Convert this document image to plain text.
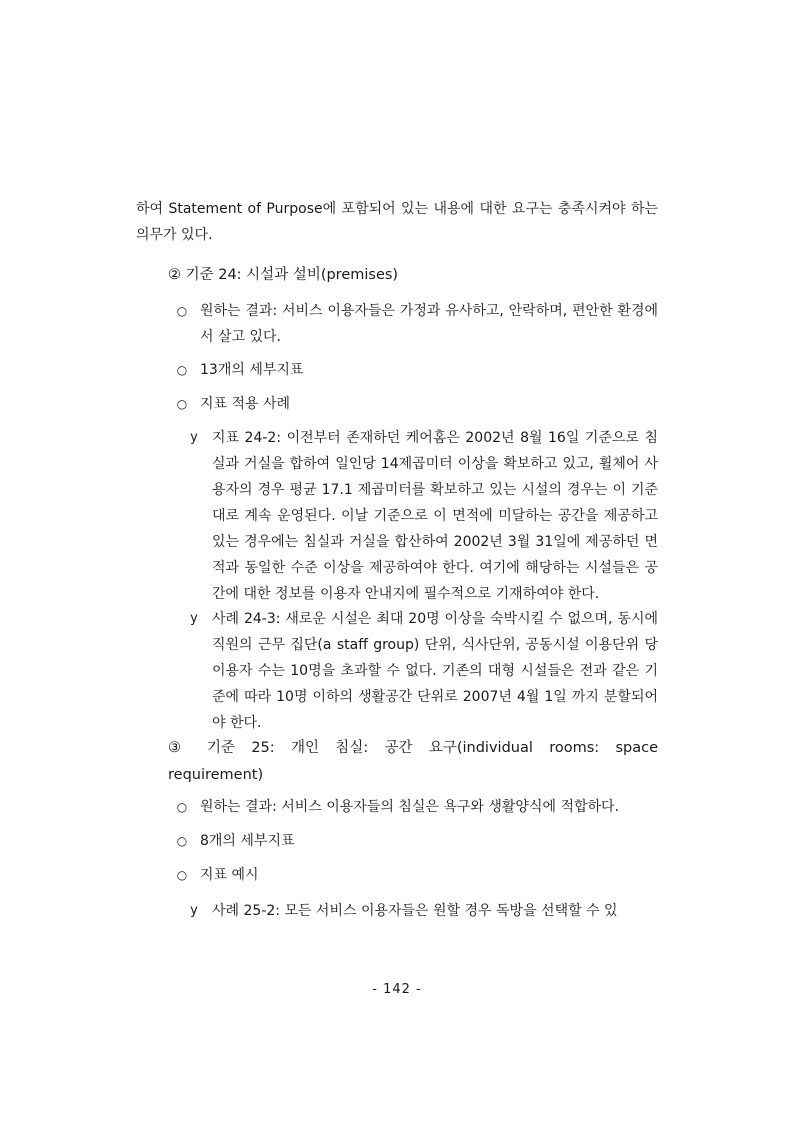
하여 Statement of Purpose에 포함되어 있는 내용에 대한 요구는 충족시켜야 하는 의무가 있다.

② 기준 24: 시설과 설비(premises)

○ 원하는 결과: 서비스 이용자들은 가정과 유사하고, 안락하며, 편안한 환경에서 살고 있다.

○ 13개의 세부지표

○ 지표 적용 사례

y 지표 24-2: 이전부터 존재하던 케어홈은 2002년 8월 16일 기준으로 침실과 거실을 합하여 일인당 14제곱미터 이상을 확보하고 있고, 휠체어 사용자의 경우 평균 17.1 제곱미터를 확보하고 있는 시설의 경우는 이 기준대로 계속 운영된다. 이날 기준으로 이 면적에 미달하는 공간을 제공하고 있는 경우에는 침실과 거실을 합산하여 2002년 3월 31일에 제공하던 면적과 동일한 수준 이상을 제공하여야 한다. 여기에 해당하는 시설들은 공간에 대한 정보를 이용자 안내지에 필수적으로 기재하여야 한다.

y 사례 24-3: 새로운 시설은 최대 20명 이상을 숙박시킬 수 없으며, 동시에 직원의 근무 집단(a staff group) 단위, 식사단위, 공동시설 이용단위 당 이용자 수는 10명을 초과할 수 없다. 기존의 대형 시설들은 전과 같은 기준에 따라 10명 이하의 생활공간 단위로 2007년 4월 1일 까지 분할되어야 한다.

③ 기준 25: 개인 침실: 공간 요구(individual rooms: space requirement)

○ 원하는 결과: 서비스 이용자들의 침실은 욕구와 생활양식에 적합하다.

○ 8개의 세부지표

○ 지표 예시

y 사례 25-2: 모든 서비스 이용자들은 원할 경우 독방을 선택할 수 있

- 142 -
